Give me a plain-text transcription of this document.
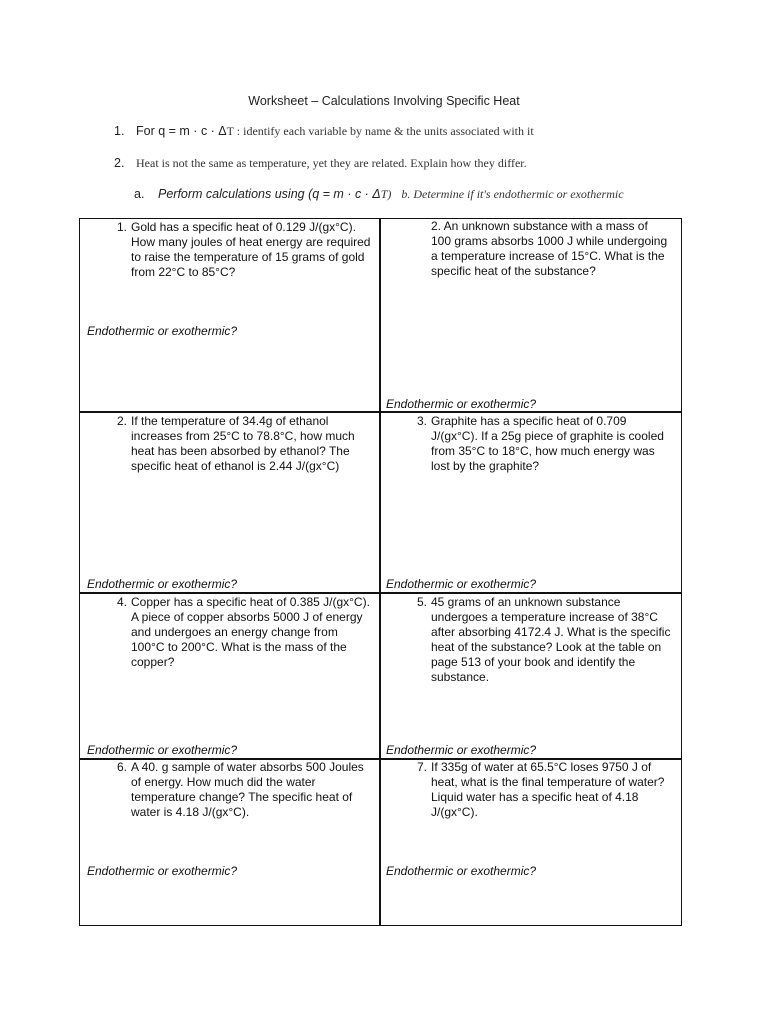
Worksheet – Calculations Involving Specific Heat
1. For q = m · c · ΔT : identify each variable by name & the units associated with it
2. Heat is not the same as temperature, yet they are related. Explain how they differ.
a. Perform calculations using (q = m · c · ΔT) b. Determine if it's endothermic or exothermic
1. Gold has a specific heat of 0.129 J/(gx°C). How many joules of heat energy are required to raise the temperature of 15 grams of gold from 22°C to 85°C?
Endothermic or exothermic?
2. An unknown substance with a mass of 100 grams absorbs 1000 J while undergoing a temperature increase of 15°C. What is the specific heat of the substance?
Endothermic or exothermic?
2. If the temperature of 34.4g of ethanol increases from 25°C to 78.8°C, how much heat has been absorbed by ethanol? The specific heat of ethanol is 2.44 J/(gx°C)
Endothermic or exothermic?
3. Graphite has a specific heat of 0.709 J/(gx°C). If a 25g piece of graphite is cooled from 35°C to 18°C, how much energy was lost by the graphite?
Endothermic or exothermic?
4. Copper has a specific heat of 0.385 J/(gx°C). A piece of copper absorbs 5000 J of energy and undergoes an energy change from 100°C to 200°C. What is the mass of the copper?
Endothermic or exothermic?
5. 45 grams of an unknown substance undergoes a temperature increase of 38°C after absorbing 4172.4 J. What is the specific heat of the substance? Look at the table on page 513 of your book and identify the substance.
Endothermic or exothermic?
6. A 40. g sample of water absorbs 500 Joules of energy. How much did the water temperature change? The specific heat of water is 4.18 J/(gx°C).
Endothermic or exothermic?
7. If 335g of water at 65.5°C loses 9750 J of heat, what is the final temperature of water? Liquid water has a specific heat of 4.18 J/(gx°C).
Endothermic or exothermic?
